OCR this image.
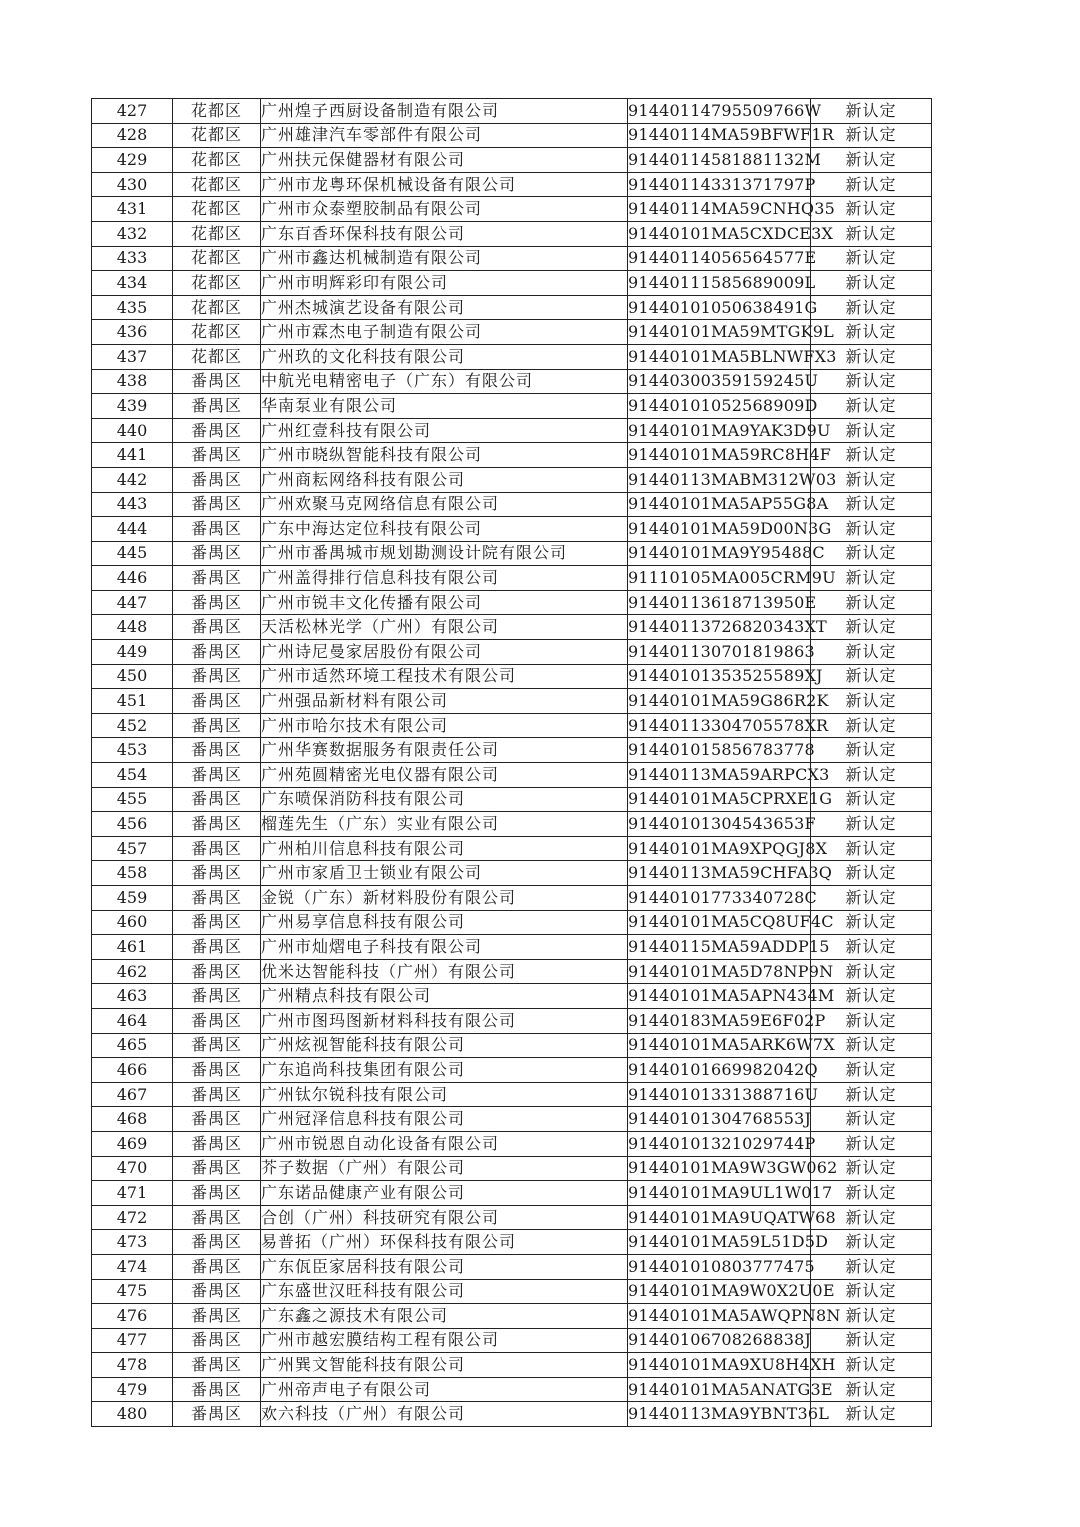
427	花都区	广州煌子西厨设备制造有限公司	91440114795509766W	新认定
428	花都区	广州雄津汽车零部件有限公司	91440114MA59BFWF1R	新认定
429	花都区	广州扶元保健器材有限公司	91440114581881132M	新认定
430	花都区	广州市龙粤环保机械设备有限公司	91440114331371797P	新认定
431	花都区	广州市众泰塑胶制品有限公司	91440114MA59CNHQ35	新认定
432	花都区	广东百香环保科技有限公司	91440101MA5CXDCE3X	新认定
433	花都区	广州市鑫达机械制造有限公司	91440114056564577E	新认定
434	花都区	广州市明辉彩印有限公司	91440111585689009L	新认定
435	花都区	广州杰城演艺设备有限公司	91440101050638491G	新认定
436	花都区	广州市霖杰电子制造有限公司	91440101MA59MTGK9L	新认定
437	花都区	广州玖的文化科技有限公司	91440101MA5BLNWFX3	新认定
438	番禺区	中航光电精密电子（广东）有限公司	91440300359159245U	新认定
439	番禺区	华南泵业有限公司	91440101052568909D	新认定
440	番禺区	广州红壹科技有限公司	91440101MA9YAK3D9U	新认定
441	番禺区	广州市晓纵智能科技有限公司	91440101MA59RC8H4F	新认定
442	番禺区	广州商耘网络科技有限公司	91440113MABM312W03	新认定
443	番禺区	广州欢聚马克网络信息有限公司	91440101MA5AP55G8A	新认定
444	番禺区	广东中海达定位科技有限公司	91440101MA59D00N3G	新认定
445	番禺区	广州市番禺城市规划勘测设计院有限公司	91440101MA9Y95488C	新认定
446	番禺区	广州盖得排行信息科技有限公司	91110105MA005CRM9U	新认定
447	番禺区	广州市锐丰文化传播有限公司	91440113618713950E	新认定
448	番禺区	天活松林光学（广州）有限公司	91440113726820343XT	新认定
449	番禺区	广州诗尼曼家居股份有限公司	914401130701819863	新认定
450	番禺区	广州市适然环境工程技术有限公司	91440101353525589XJ	新认定
451	番禺区	广州强品新材料有限公司	91440101MA59G86R2K	新认定
452	番禺区	广州市哈尔技术有限公司	91440113304705578XR	新认定
453	番禺区	广州华赛数据服务有限责任公司	914401015856783778	新认定
454	番禺区	广州苑圆精密光电仪器有限公司	91440113MA59ARPCX3	新认定
455	番禺区	广东喷保消防科技有限公司	91440101MA5CPRXE1G	新认定
456	番禺区	榴莲先生（广东）实业有限公司	91440101304543653F	新认定
457	番禺区	广州柏川信息科技有限公司	91440101MA9XPQGJ8X	新认定
458	番禺区	广州市家盾卫士锁业有限公司	91440113MA59CHFA3Q	新认定
459	番禺区	金锐（广东）新材料股份有限公司	91440101773340728C	新认定
460	番禺区	广州易享信息科技有限公司	91440101MA5CQ8UF4C	新认定
461	番禺区	广州市灿熠电子科技有限公司	91440115MA59ADDP15	新认定
462	番禺区	优米达智能科技（广州）有限公司	91440101MA5D78NP9N	新认定
463	番禺区	广州精点科技有限公司	91440101MA5APN434M	新认定
464	番禺区	广州市图玛图新材料科技有限公司	91440183MA59E6F02P	新认定
465	番禺区	广州炫视智能科技有限公司	91440101MA5ARK6W7X	新认定
466	番禺区	广东追尚科技集团有限公司	91440101669982042Q	新认定
467	番禺区	广州钛尔锐科技有限公司	91440101331388716U	新认定
468	番禺区	广州冠泽信息科技有限公司	91440101304768553J	新认定
469	番禺区	广州市锐恩自动化设备有限公司	91440101321029744P	新认定
470	番禺区	芥子数据（广州）有限公司	91440101MA9W3GW062	新认定
471	番禺区	广东诺品健康产业有限公司	91440101MA9UL1W017	新认定
472	番禺区	合创（广州）科技研究有限公司	91440101MA9UQATW68	新认定
473	番禺区	易普拓（广州）环保科技有限公司	91440101MA59L51D5D	新认定
474	番禺区	广东佤臣家居科技有限公司	914401010803777475	新认定
475	番禺区	广东盛世汉旺科技有限公司	91440101MA9W0X2U0E	新认定
476	番禺区	广东鑫之源技术有限公司	91440101MA5AWQPN8N	新认定
477	番禺区	广州市越宏膜结构工程有限公司	91440106708268838J	新认定
478	番禺区	广州巽文智能科技有限公司	91440101MA9XU8H4XH	新认定
479	番禺区	广州帝声电子有限公司	91440101MA5ANATG3E	新认定
480	番禺区	欢六科技（广州）有限公司	91440113MA9YBNT36L	新认定
